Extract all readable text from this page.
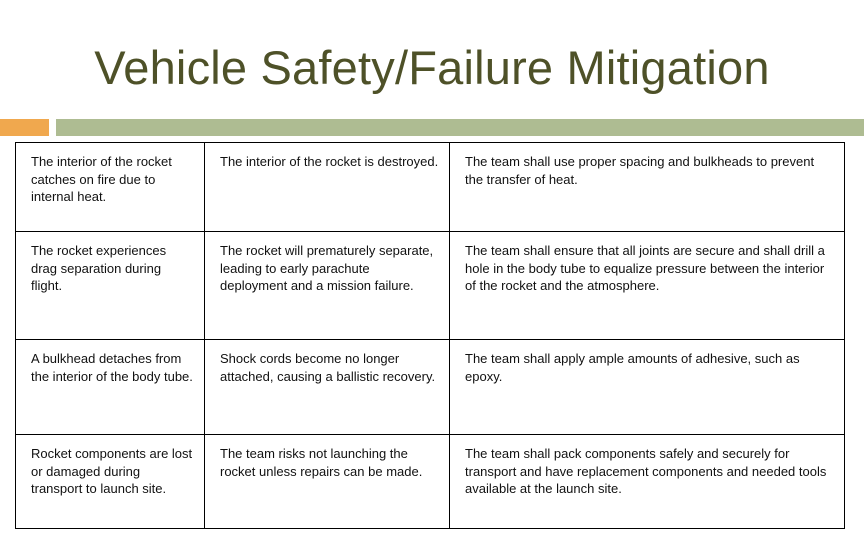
Vehicle Safety/Failure Mitigation
The interior of the rocket catches on fire due to internal heat.	The interior of the rocket is destroyed.	The team shall use proper spacing and bulkheads to prevent the transfer of heat.
The rocket experiences drag separation during flight.	The rocket will prematurely separate, leading to early parachute deployment and a mission failure.	The team shall ensure that all joints are secure and shall drill a hole in the body tube to equalize pressure between the interior of the rocket and the atmosphere.
A bulkhead detaches from the interior of the body tube.	Shock cords become no longer attached, causing a ballistic recovery.	The team shall apply ample amounts of adhesive, such as epoxy.
Rocket components are lost or damaged during transport to launch site.	The team risks not launching the rocket unless repairs can be made.	The team shall pack components safely and securely for transport and have replacement components and needed tools available at the launch site.
